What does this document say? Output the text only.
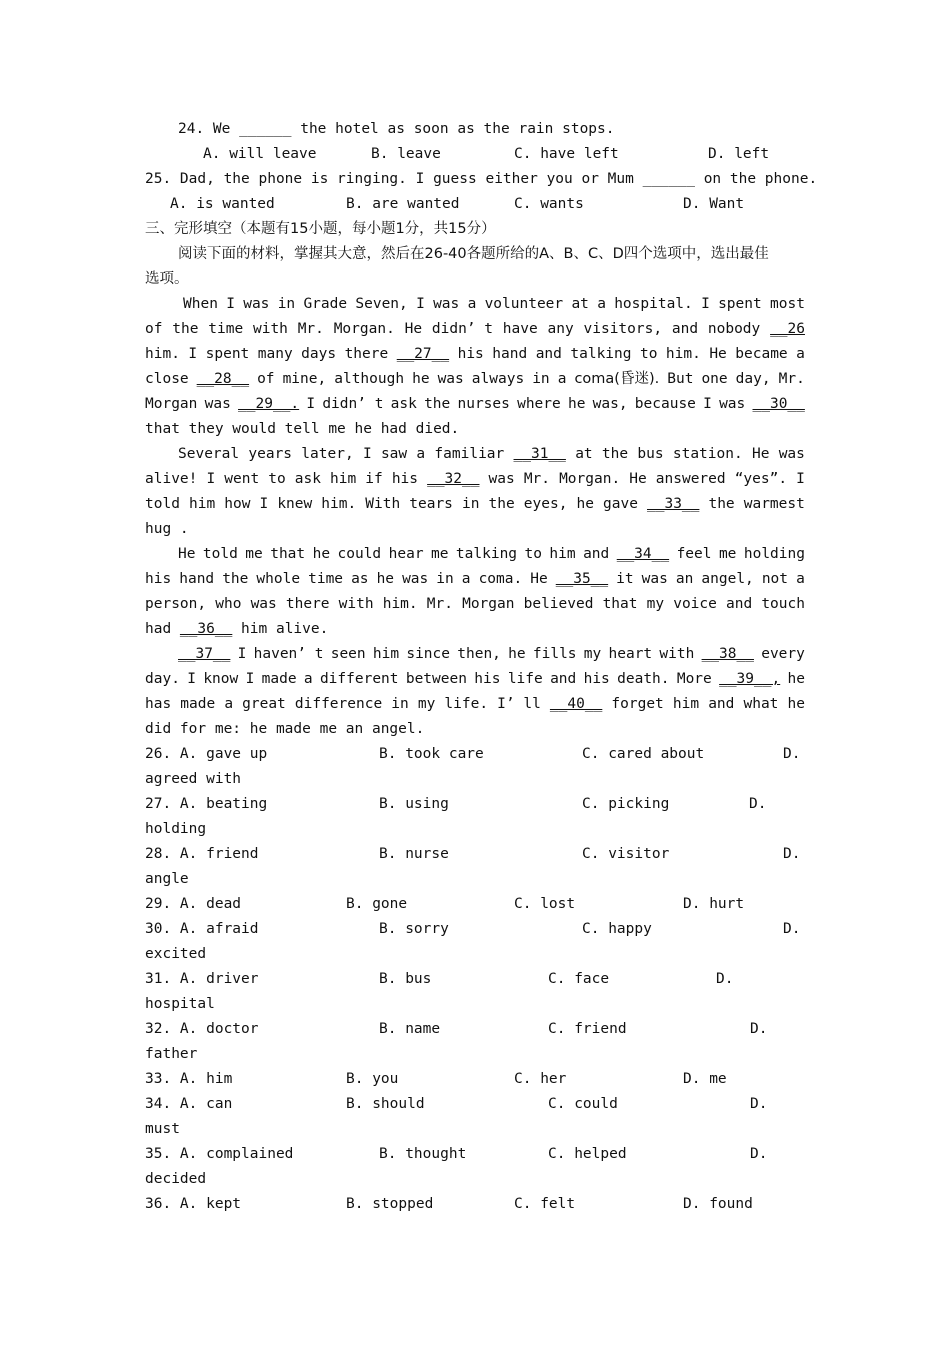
24. We ______ the hotel as soon as the rain stops.
A. will leave	B. leave	C. have left	D. left
25. Dad, the phone is ringing. I guess either you or Mum ______ on the phone.
A. is wanted	B. are wanted	C. wants	D. Want
三、完形填空（本题有15小题，每小题1分，共15分）
阅读下面的材料，掌握其大意，然后在26-40各题所给的A、B、C、D四个选项中，选出最佳
选项。
When I was in Grade Seven, I was a volunteer at a hospital. I spent most
of the time with Mr. Morgan. He didn’ t have any visitors, and nobody __26
him. I spent many days there __27__ his hand and talking to him. He became a
close __28__ of mine, although he was always in a coma(昏迷). But one day, Mr.
Morgan was __29__. I didn’ t ask the nurses where he was, because I was __30__
that they would tell me he had died.
Several years later, I saw a familiar __31__ at the bus station. He was
alive! I went to ask him if his __32__ was Mr. Morgan. He answered “yes”. I
told him how I knew him. With tears in the eyes, he gave __33__ the warmest
hug .
He told me that he could hear me talking to him and __34__ feel me holding
his hand the whole time as he was in a coma. He __35__ it was an angel, not a
person, who was there with him. Mr. Morgan believed that my voice and touch
had __36__ him alive.
__37__ I haven’ t seen him since then, he fills my heart with __38__ every
day. I know I made a different between his life and his death. More __39__, he
has made a great difference in my life. I’ ll __40__ forget him and what he
did for me: he made me an angel.
26. A. gave up	B. took care	C. cared about	D.
agreed with
27. A. beating	B. using	C. picking	D.
holding
28. A. friend	B. nurse	C. visitor	D.
angle
29. A. dead	B. gone	C. lost	D. hurt
30. A. afraid	B. sorry	C. happy	D.
excited
31. A. driver	B. bus	C. face	D.
hospital
32. A. doctor	B. name	C. friend	D.
father
33. A. him	B. you	C. her	D. me
34. A. can	B. should	C. could	D.
must
35. A. complained	B. thought	C. helped	D.
decided
36. A. kept	B. stopped	C. felt	D. found
